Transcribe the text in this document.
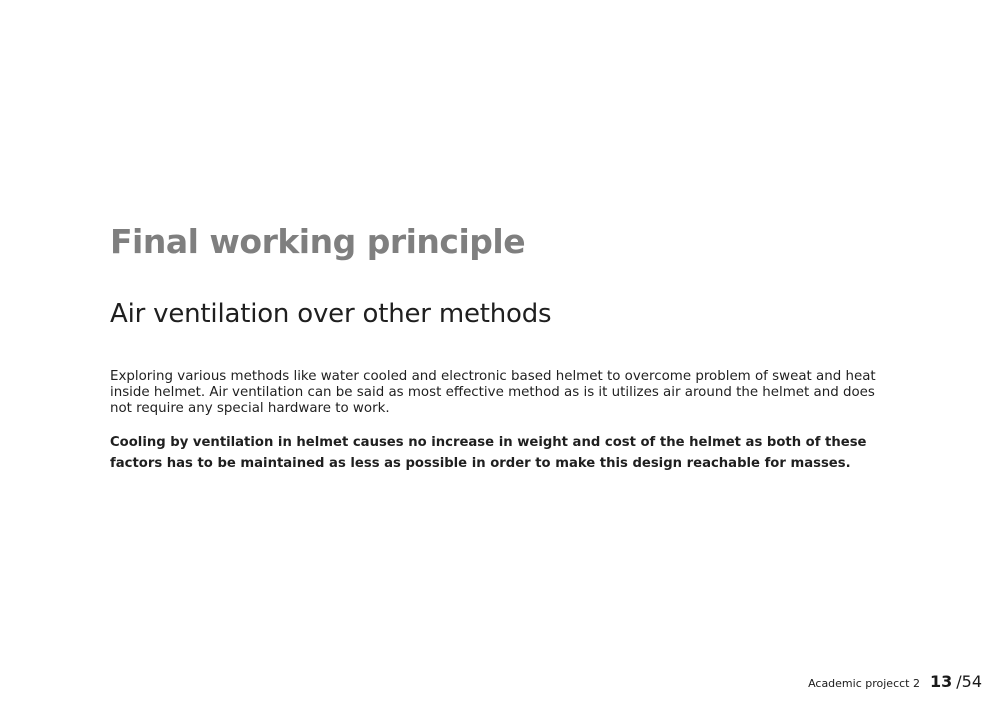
Final working principle
Air ventilation over other methods

Exploring various methods like water cooled and electronic based helmet to overcome problem of sweat and heat inside helmet. Air ventilation can be said as most effective method as is it utilizes air around the helmet and does not require any special hardware to work.

Cooling by ventilation in helmet causes no increase in weight and cost of the helmet as both of these factors has to be maintained as less as possible in order to make this design reachable for masses.

Academic projecct 2 13 /54
